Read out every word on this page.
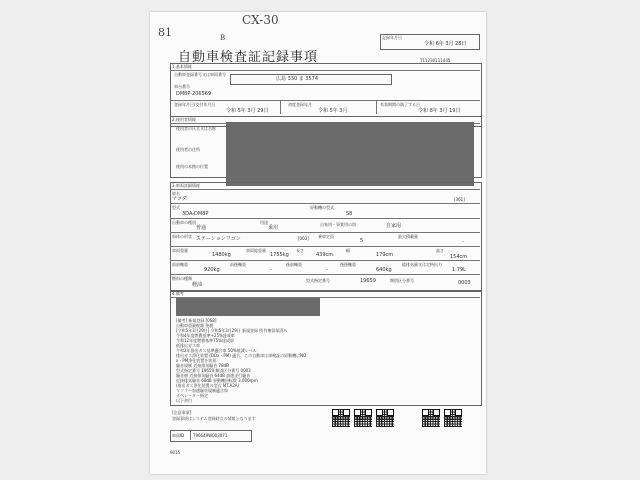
81
CX-30
B	記録年月日
令和 6年 3月 28日
自動車検査証記録事項	T11230111445
1.基本情報
自動車登録番号又は車両番号
広島 330 ま 3574
車台番号
DM8P-206569
登録年月日/交付年月日
令和 5年 3月 29日
初度登録年月
令和 5年 3月
有効期間の満了する日
令和 8年 3月 19日
2.使用者情報
使用者の氏名又は名称
使用者の住所
使用の本拠の位置
3.車両詳細情報
車名
マツダ	[361]
型式
3DA-DM8P
原動機の型式
S8
自動車の種別
普通
用途
乗用
自家用・事業用の別	自家用
車体の形状 ステーションワゴン	[003] 乗車定員
5
最大積載量
-
車両重量
1480kg
車両総重量
1755kg
長さ
439cm
幅
179cm
高さ
154cm
前前軸重
920kg
前後軸重
-
後前軸重
-
後後軸重
640kg
総排気量又は定格出力
1.79L
燃料の種類
軽油
型式指定番号	19659	類別区分番号	0003
4.備考
[備考] 新規登録 [0S8]
自動車重量税額 免税
[令和5年3月29日] 令和5年3月29日 新規登録 所有権留保済み
令和4年度燃費基準+25%達成車
令和12年度燃費基準75%達成車
低排出ガス車
令和2年排出ガス基準適合車 50%低減レベル
排出ガス浄化装置 (DOx・PM) 適合、この自動車は車検証の原動機にNO
x・PM浄化装置を装着
騒音規制 近接排気騒音 78dB
型式指定番号 19659 類別区分番号 0003
騒音値 近接排気騒音 64dB 加速走行騒音
近接排気騒音 68dB 原動機回転数 3,000rpm
(排出ガス浄化装置の型式 MT.A2A)
マフラー加速騒音規制適合車
オペレーター指定
以下余白
[注意事項]
登録事項はシステム登録時点の情報となります
車両ID T96649W003071
9015
